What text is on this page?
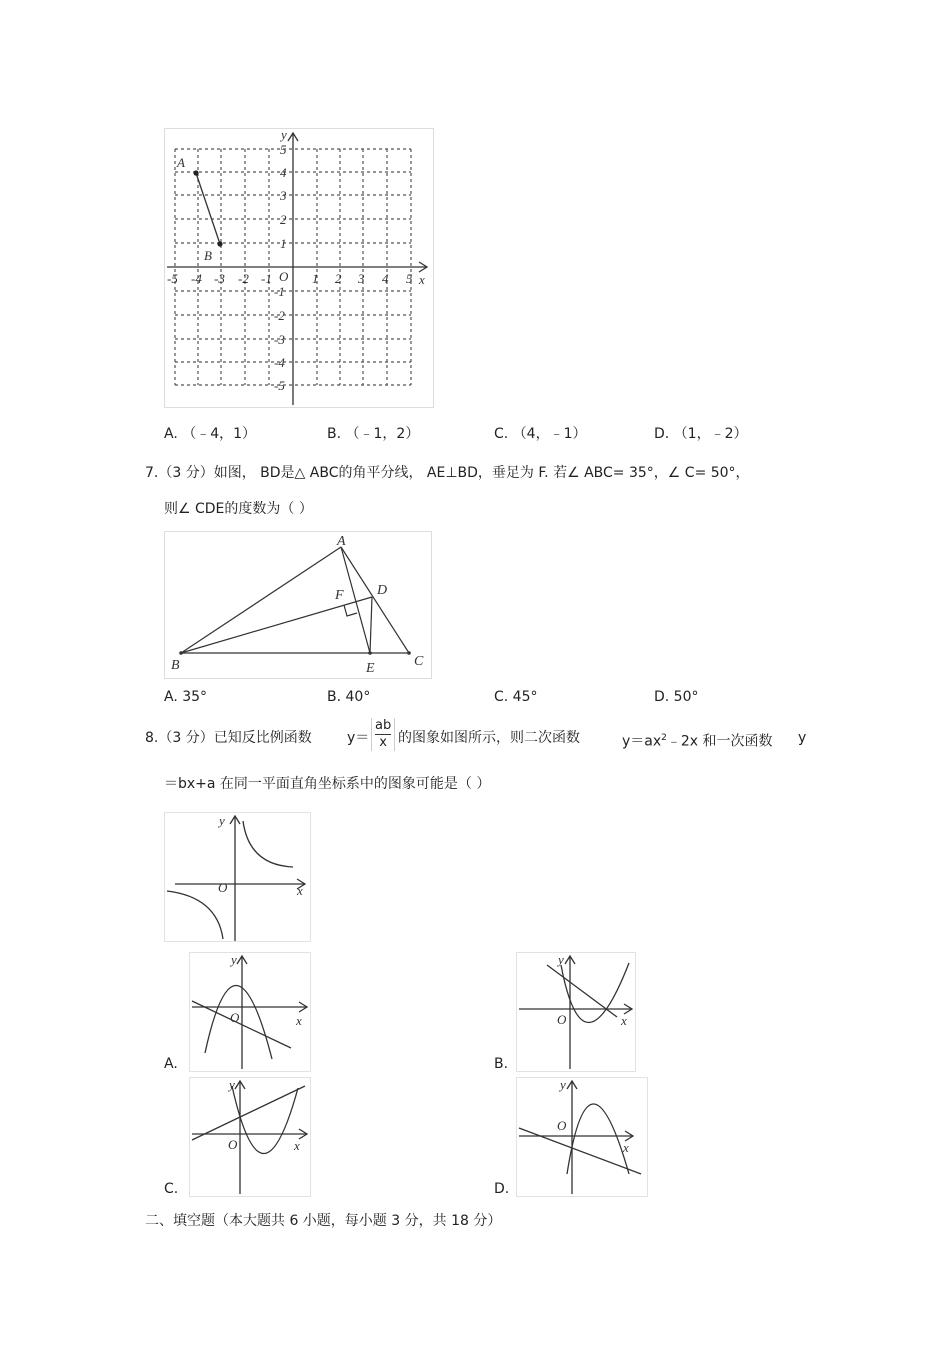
A
B
O	x
y
-5 -4 -3 -2 -1	1 2 3 4 5
5
4
3
2
1
-1
-2
-3
-4
-5
A. （﹣4，1）	B. （﹣1，2）	C. （4，﹣1）	D. （1，﹣2）
7.（3 分）如图， BD是△ ABC的角平分线， AE⊥BD，垂足为 F. 若∠ ABC= 35°，∠ C= 50°，
则∠ CDE的度数为（ ）
A
B	C
D
E
F
A. 35°	B. 40°	C. 45°	D. 50°
8.（3 分）已知反比例函数	$y= \frac{ab}{x}$ 的图象如图所示，则二次函数	$y=ax^2﹣2x$ 和一次函数 y
＝bx+a 在同一平面直角坐标系中的图象可能是（ ）
y
x
O
y
x
O
A.
y
x
O
B.
y
x
O
C.
y
x
O
D.
二、填空题（本大题共 6 小题，每小题 3 分，共 18 分）
